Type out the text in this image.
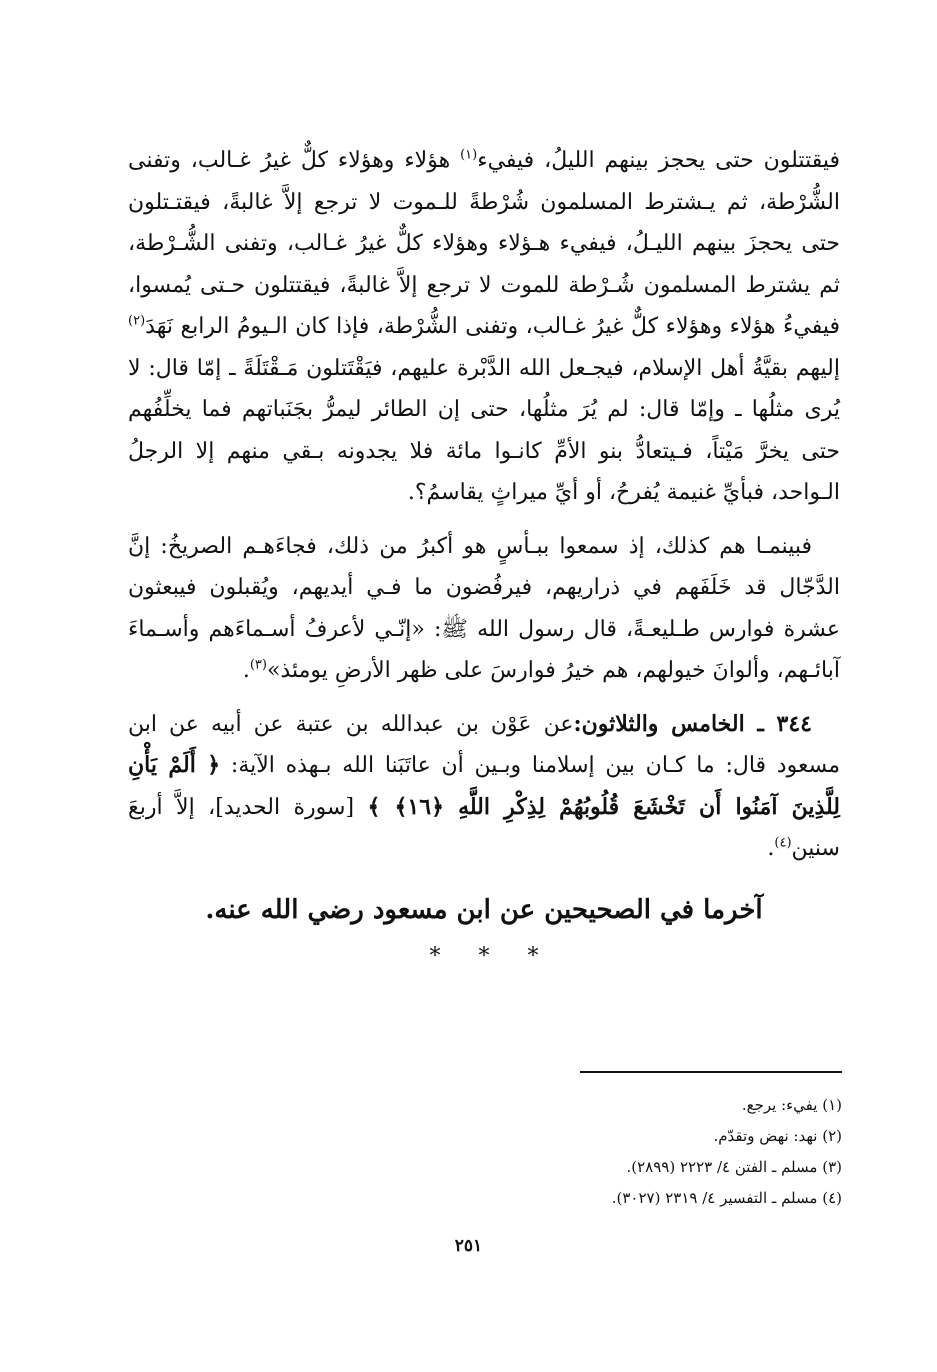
فيقتتلون حتى يحجز بينهم الليلُ، فيفيء$^{(١)}$ هؤلاء وهؤلاء كلٌّ غيرُ غـالب، وتفنى الشُّرْطة، ثم يـشترط المسلمون شُرْطةً للـموت لا ترجع إلاَّ غالبةً، فيقتـتلون حتى يحجزَ بينهم الليـلُ، فيفيء هـؤلاء وهؤلاء كلٌّ غيرُ غـالب، وتفنى الشُّـرْطة، ثم يشترط المسلمون شُـرْطة للموت لا ترجع إلاَّ غالبةً، فيقتتلون حـتى يُمسوا، فيفيءُ هؤلاء وهؤلاء كلٌّ غيرُ غـالب، وتفنى الشُّرْطة، فإذا كان الـيومُ الرابع نَهَدَ$^{(٢)}$ إليهم بقيَّةُ أهل الإسلام، فيجـعل الله الدَّبْرة عليهم، فيَقْتَتلون مَـقْتَلَةً ـ إمّا قال: لا يُرى مثلُها ـ وإمّا قال: لم يُرَ مثلُها، حتى إن الطائر ليمرُّ بجَنَباتهم فما يخلِّفُهم حتى يخرَّ مَيْتاً، فـيتعادُّ بنو الأمِّ كانـوا مائة فلا يجدونه بـقي منهم إلا الرجلُ الـواحد، فبأيِّ غنيمة يُفرحُ، أو أيِّ ميراثٍ يقاسمُ؟.

فبينمـا هم كذلك، إذ سمعوا ببـأسٍ هو أكبرُ من ذلك، فجاءَهـم الصريخُ: إنَّ الدَّجّال قد خَلَفَهم في ذراريهم، فيرفُضون ما فـي أيديهم، ويُقبلون فيبعثون عشرة فوارس طـليعـةً، قال رسول الله ﷺ: «إنّـي لأعرفُ أسـماءَهم وأسـماءَ آبائـهم، وألوانَ خيولهم، هم خيرُ فوارسَ على ظهر الأرضِ يومئذ»$^{(٣)}$.

٣٤٤ ـ الخامس والثلاثون:عن عَوْن بن عبدالله بن عتبة عن أبيه عن ابن مسعود قال: ما كـان بين إسلامنا وبـين أن عاتَبَنا الله بـهذه الآية: ﴿ أَلَمْ يَأْنِ لِلَّذِينَ آمَنُوا أَن تَخْشَعَ قُلُوبُهُمْ لِذِكْرِ اللَّهِ ﴿١٦﴾ ﴾ [سورة الحديد]، إلاَّ أربعَ سنين$^{(٤)}$.

آخرما في الصحيحين عن ابن مسعود رضي الله عنه.

* * *

(١) يفيء: يرجع.

(٢) نهد: نهض وتقدّم.

(٣) مسلم ـ الفتن ٤/ ٢٢٢٣ (٢٨٩٩).

(٤) مسلم ـ التفسير ٤/ ٢٣١٩ (٣٠٢٧).

٢٥١
